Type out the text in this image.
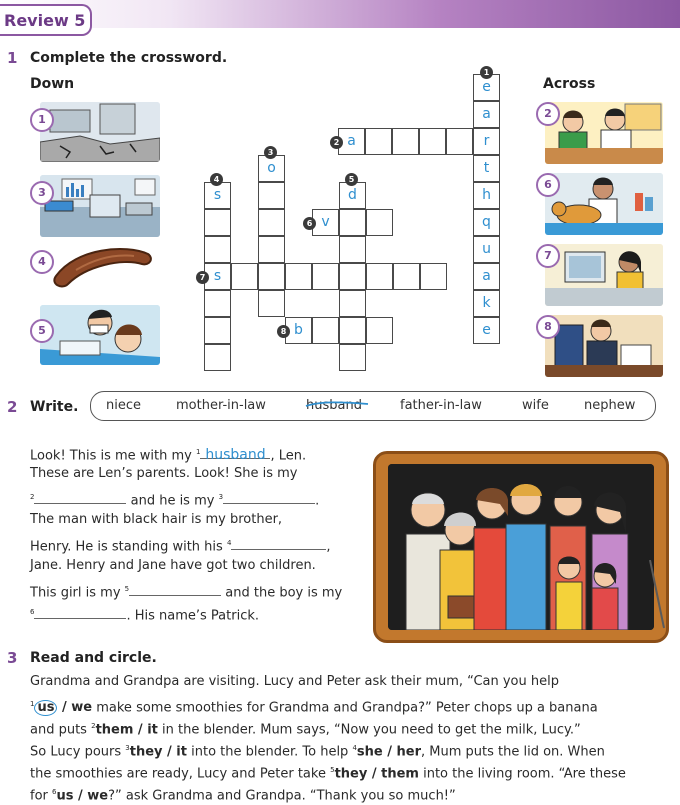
Review 5
1 Complete the crossword.
Down	Across
1
3
4
5
2
6
7
8
2 Write. niece	mother-in-law	husband	father-in-law	wife	nephew
Look! This is me with my $^1$ husband , Len.
These are Len’s parents. Look! She is my
$^2$	and he is my $^3$	.
The man with black hair is my brother,
Henry. He is standing with his $^4$	,
Jane. Henry and Jane have got two children.
This girl is my $^5$	and the boy is my
$^6$	. His name’s Patrick.
3 Read and circle.
Grandma and Grandpa are visiting. Lucy and Peter ask their mum, “Can you help
$^1$ us / we make some smoothies for Grandma and Grandpa?” Peter chops up a banana
and puts $^2$them / it in the blender. Mum says, “Now you need to get the milk, Lucy.”
So Lucy pours $^3$they / it into the blender. To help $^4$she / her, Mum puts the lid on. When
the smoothies are ready, Lucy and Peter take $^5$they / them into the living room. “Are these
for $^6$us / we?” ask Grandma and Grandpa. “Thank you so much!”
e
a
r
t
h
q
u
a
k
e
1
a
2
o
3
s
4
d
5
v
6
s
7
b
8
